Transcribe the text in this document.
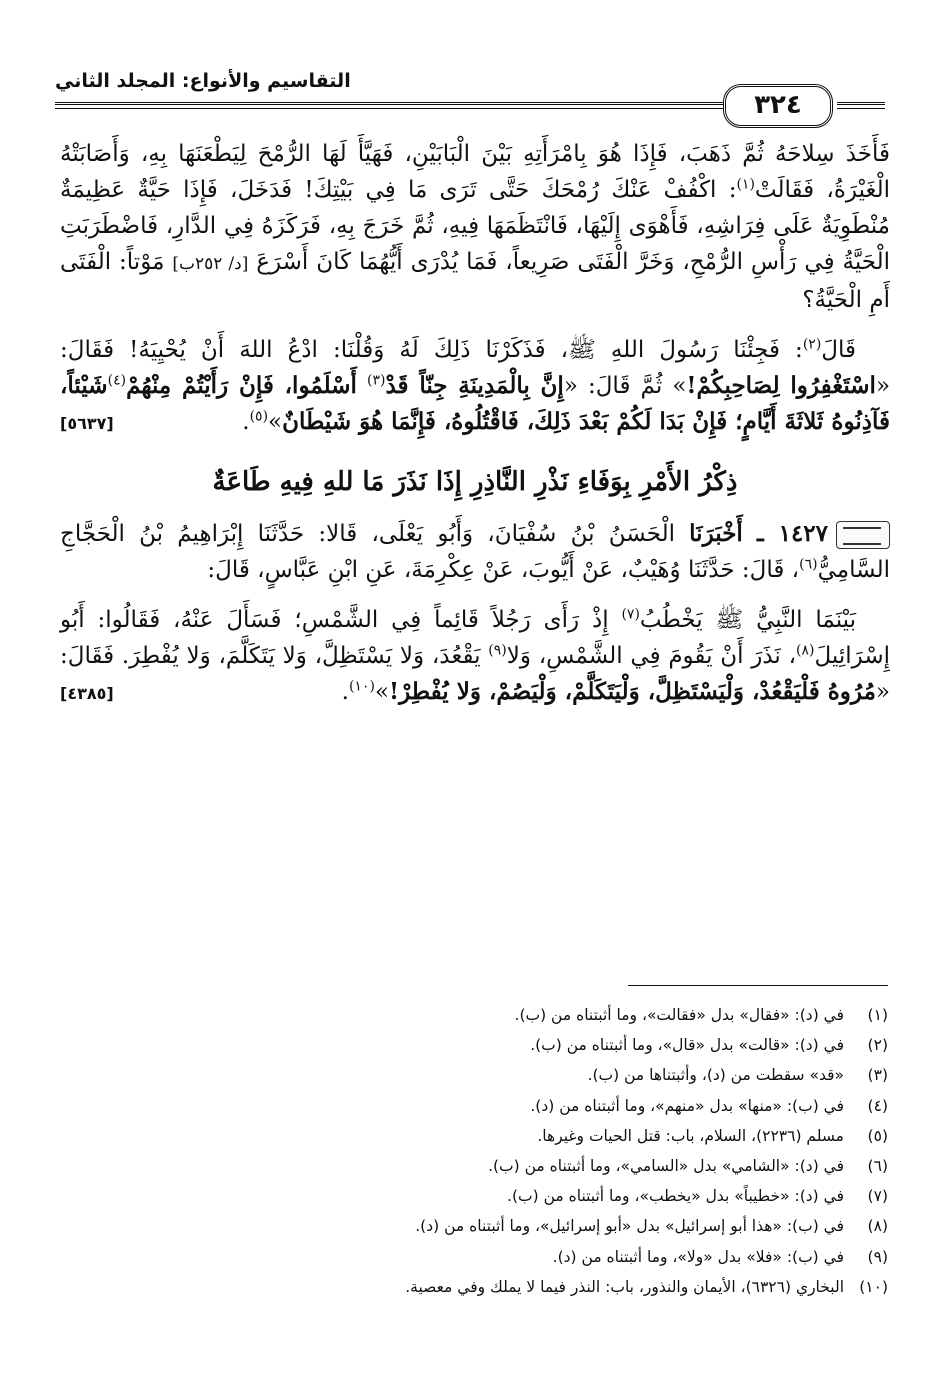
التقاسيم والأنواع: المجلد الثاني
٣٢٤

فَأَخَذَ سِلاحَهُ ثُمَّ ذَهَبَ، فَإِذَا هُوَ بِامْرَأَتِهِ بَيْنَ الْبَابَيْنِ، فَهَيَّأَ لَهَا الرُّمْحَ لِيَطْعَنَهَا بِهِ، وَأَصَابَتْهُ الْغَيْرَةُ، فَقَالَتْ$^{(١)}$: اكْفُفْ عَنْكَ رُمْحَكَ حَتَّى تَرَى مَا فِي بَيْتِكَ! فَدَخَلَ، فَإِذَا حَيَّةٌ عَظِيمَةٌ مُنْطَوِيَةٌ عَلَى فِرَاشِهِ، فَأَهْوَى إِلَيْهَا، فَانْتَظَمَهَا فِيهِ، ثُمَّ خَرَجَ بِهِ، فَرَكَزَهُ فِي الدَّارِ، فَاضْطَرَبَتِ الْحَيَّةُ فِي رَأْسِ الرُّمْحِ، وَخَرَّ الْفَتَى صَرِيعاً، فَمَا يُدْرَى أَيُّهُمَا كَانَ أَسْرَعَ [د/ ٢٥٢ب] مَوْتاً: الْفَتَى أَمِ الْحَيَّةُ؟

قَالَ$^{(٢)}$: فَجِئْنَا رَسُولَ اللهِ ﷺ، فَذَكَرْنَا ذَلِكَ لَهُ وَقُلْنَا: ادْعُ اللهَ أَنْ يُحْيِيَهُ! فَقَالَ: «اسْتَغْفِرُوا لِصَاحِبِكُمْ!» ثُمَّ قَالَ: «إِنَّ بِالْمَدِينَةِ جِنّاً قَدْ$^{(٣)}$ أَسْلَمُوا، فَإِنْ رَأَيْتُمْ مِنْهُمْ$^{(٤)}$شَيْئاً، فَآذِنُوهُ ثَلاثَةَ أَيَّامٍ؛ فَإِنْ بَدَا لَكُمْ بَعْدَ ذَلِكَ، فَاقْتُلُوهُ، فَإِنَّمَا هُوَ شَيْطَانٌ»$^{(٥)}$.
[٥٦٣٧]

ذِكْرُ الأَمْرِ بِوَفَاءِ نَذْرِ النَّاذِرِ إِذَا نَذَرَ مَا للهِ فِيهِ طَاعَةٌ

١٤٢٧ ـ أَخْبَرَنَا الْحَسَنُ بْنُ سُفْيَانَ، وَأَبُو يَعْلَى، قَالا: حَدَّثَنَا إِبْرَاهِيمُ بْنُ الْحَجَّاجِ السَّامِيُّ$^{(٦)}$، قَالَ: حَدَّثَنَا وُهَيْبٌ، عَنْ أَيُّوبَ، عَنْ عِكْرِمَةَ، عَنِ ابْنِ عَبَّاسٍ، قَالَ:

بَيْنَمَا النَّبِيُّ ﷺ يَخْطُبُ$^{(٧)}$ إِذْ رَأَى رَجُلاً قَائِماً فِي الشَّمْسِ؛ فَسَأَلَ عَنْهُ، فَقَالُوا: أَبُو إِسْرَائِيلَ$^{(٨)}$، نَذَرَ أَنْ يَقُومَ فِي الشَّمْسِ، وَلا$^{(٩)}$ يَقْعُدَ، وَلا يَسْتَظِلَّ، وَلا يَتَكَلَّمَ، وَلا يُفْطِرَ. فَقَالَ: «مُرُوهُ فَلْيَقْعُدْ، وَلْيَسْتَظِلَّ، وَلْيَتَكَلَّمْ، وَلْيَصُمْ، وَلا يُفْطِرْ!»$^{(١٠)}$.
[٤٣٨٥]

(١)في (د): «فقال» بدل «فقالت»، وما أثبتناه من (ب).
(٢)في (د): «قالت» بدل «قال»، وما أثبتناه من (ب).
(٣)«قد» سقطت من (د)، وأثبتناها من (ب).
(٤)في (ب): «منها» بدل «منهم»، وما أثبتناه من (د).
(٥)مسلم (٢٢٣٦)، السلام، باب: قتل الحيات وغيرها.
(٦)في (د): «الشامي» بدل «السامي»، وما أثبتناه من (ب).
(٧)في (د): «خطيباً» بدل «يخطب»، وما أثبتناه من (ب).
(٨)في (ب): «هذا أبو إسرائيل» بدل «أبو إسرائيل»، وما أثبتناه من (د).
(٩)في (ب): «فلا» بدل «ولا»، وما أثبتناه من (د).
(١٠)البخاري (٦٣٢٦)، الأيمان والنذور، باب: النذر فيما لا يملك وفي معصية.
